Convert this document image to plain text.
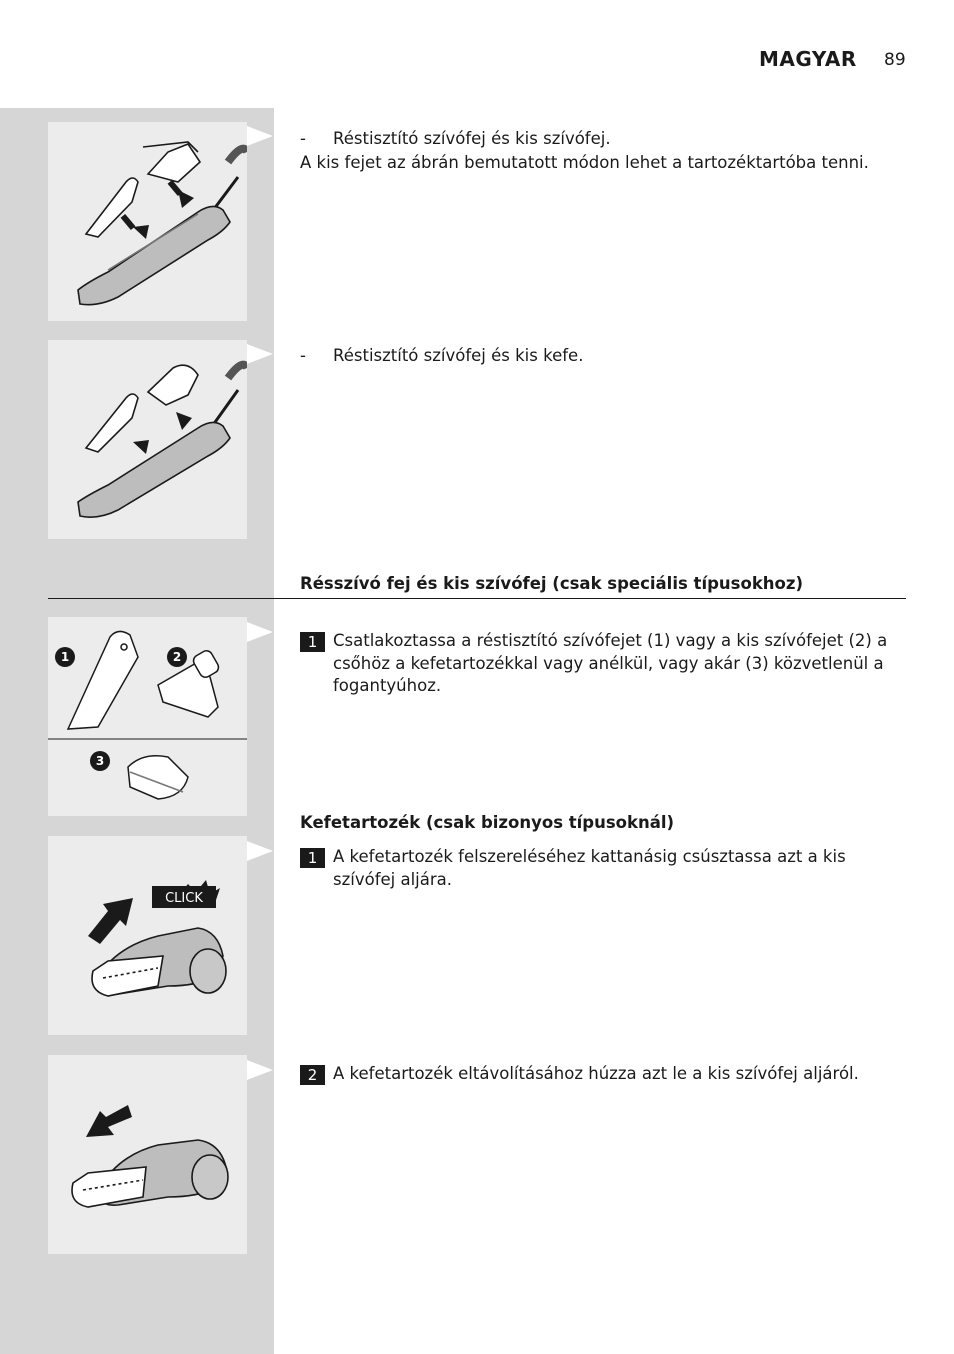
MAGYAR 89
- Réstisztító szívófej és kis szívófej.
A kis fejet az ábrán bemutatott módon lehet a tartozéktartóba tenni.
- Réstisztító szívófej és kis kefe.
Résszívó fej és kis szívófej (csak speciális típusokhoz)
1	2
3
1 Csatlakoztassa a réstisztító szívófejet (1) vagy a kis szívófejet (2) a csőhöz a kefetartozékkal vagy anélkül, vagy akár (3) közvetlenül a fogantyúhoz.
Kefetartozék (csak bizonyos típusoknál)
CLICK
1 A kefetartozék felszereléséhez kattanásig csúsztassa azt a kis szívófej aljára.
2 A kefetartozék eltávolításához húzza azt le a kis szívófej aljáról.
